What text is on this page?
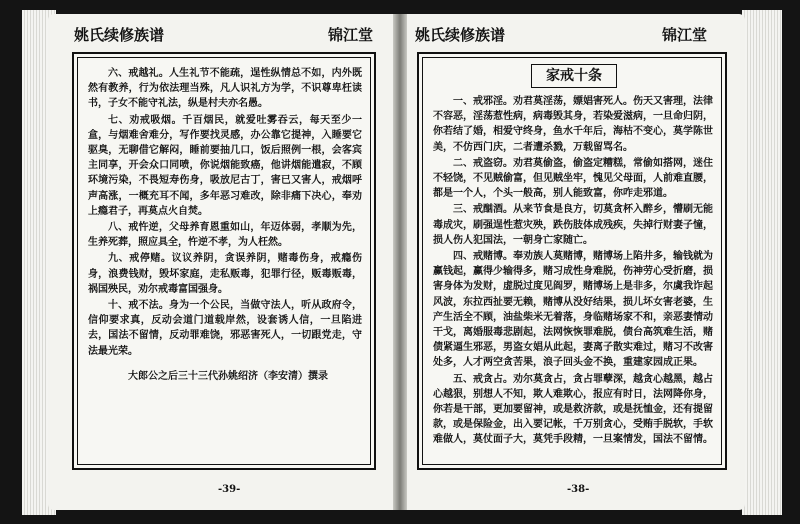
姚氏续修族谱	锦江堂

六、戒越礼。人生礼节不能疏，逞性纵情总不如，内外既然有教养，行为依法理当殊，凡人识礼方为学，不识尊卑枉读书，子女不能守礼法，纵是村夫亦名愚。

七、劝戒吸烟。千百烟民，就爱吐雾吞云，每天至少一盒，与烟难舍难分，写作要找灵感，办公靠它提神，入睡要它驱臭，无聊借它解闷，睡前要抽几口，饭后照例一根，会客宾主同享，开会众口同喷，你说烟能致癌，他讲烟能遣寂，不顾环境污染，不畏短寿伤身，吸放尼古丁，害已又害人，戒烟呼声高涨，一概充耳不闻，多年恶习难改，除非痛下决心，奉劝上瘾君子，再莫点火自焚。

八、戒忤逆，父母养育恩重如山，年迈体弱，孝顺为先，生养死葬，照应具全，忤逆不孝，为人枉然。

九、戒停赌。议议养阴，贪误养阴，赌毒伤身，戒瘾伤身，浪费钱财，毁坏家庭，走私贩毒，犯罪行径，贩毒贩毒，祸国殃民，劝尔戒毒富国强身。

十、戒不法。身为一个公民，当做守法人，听从政府令，信仰要求真，反动会道门道载岸然，设套诱人信，一旦陷进去，国法不留情，反动罪难饶，邪恶害死人，一切跟党走，守法最光荣。

大郎公之后三十三代孙姚绍济（李安清）撰录

-39-
姚氏续修族谱	锦江堂
家戒十条

一、戒邪淫。劝君莫淫荡，嫖娼害死人。伤天又害理，法律不容恶，淫荡惹性病，病毒毁其身，若染爱滋病，一旦命归阴，你若结了婚，相爱守终身，鱼水千年后，海枯不变心，莫学陈世美，不仿西门庆，二者遭杀戮，万载留骂名。

二、戒盗窃。劝君莫偷盗，偷盗定糟糕，常偷如搭网，迷住不轻饶，不见贼偷富，但见贼坐牢，愧见父母面，人前难直腰，都是一个人，个头一般高，别人能致富，你咋走邪道。

三、戒酗酒。从来节食是良方，切莫贪杯入醉乡，懵刷无能毒成灾，刷强逞性惹灾殃，跌伤肢体成残疾，失掉行财妻子憧，损人伤人犯国法，一朝身亡家随亡。

四、戒赌博。奉劝族人莫赌博，赌博场上陷井多，输钱就为赢钱起，赢得少输得多，赌习成性身难脱，伤神劳心受折磨，损害身体为发财，虚脱过度见阎罗，赌博场上是非多，尔虞我诈起风波，东拉西扯要无赖，赌博从没好结果，损儿坏女害老婆，生产生活全不顾，油盐柴米无着落，身临赌场家不和，亲恶妻情动干戈，离婚服毒悲剧起，法网恢恢罪难脱，债台高筑难生活，赌债紧逼生邪恶，男盗女娼从此起，妻离子散实难过，赌习不改害处多，人才两空贪苦果，浪子回头金不换，重建家园成正果。

五、戒贪占。劝尔莫贪占，贪占罪孽深，越贪心越黑，越占心越狠，别想人不知，欺人难欺心，报应有时日，法网降你身，你若是干部，更加要留神，或是救济款，或是抚恤金，还有提留款，或是保险金，出入要记帐，千万别贪心，受贿手脱软，手软难做人，莫仗面子大，莫凭手段精，一旦案情发，国法不留情。

-38-
